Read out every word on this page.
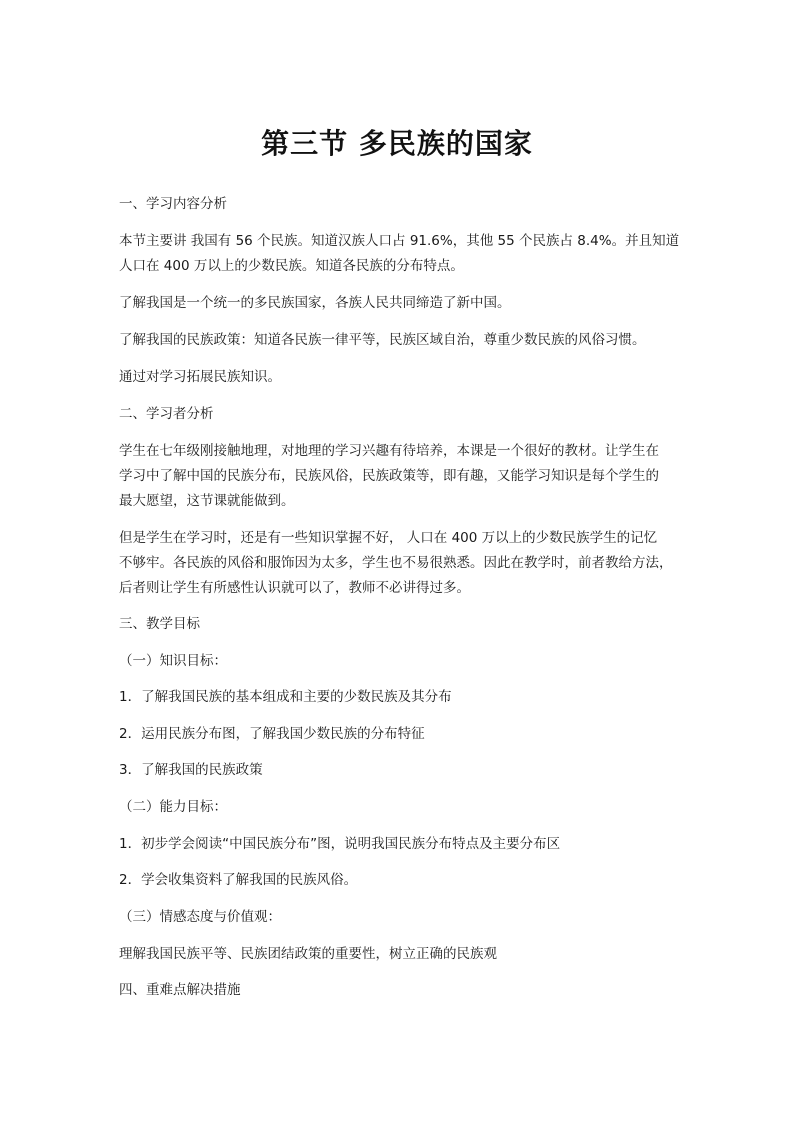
第三节 多民族的国家
一、学习内容分析
本节主要讲 我国有 56 个民族。知道汉族人口占 91.6%，其他 55 个民族占 8.4%。并且知道
人口在 400 万以上的少数民族。知道各民族的分布特点。
了解我国是一个统一的多民族国家，各族人民共同缔造了新中国。
了解我国的民族政策：知道各民族一律平等，民族区域自治，尊重少数民族的风俗习惯。
通过对学习拓展民族知识。
二、学习者分析
学生在七年级刚接触地理，对地理的学习兴趣有待培养，本课是一个很好的教材。让学生在
学习中了解中国的民族分布，民族风俗，民族政策等，即有趣，又能学习知识是每个学生的
最大愿望，这节课就能做到。
但是学生在学习时，还是有一些知识掌握不好， 人口在 400 万以上的少数民族学生的记忆
不够牢。各民族的风俗和服饰因为太多，学生也不易很熟悉。因此在教学时，前者教给方法，
后者则让学生有所感性认识就可以了，教师不必讲得过多。
三、教学目标
（一）知识目标：
1．了解我国民族的基本组成和主要的少数民族及其分布
2．运用民族分布图，了解我国少数民族的分布特征
3．了解我国的民族政策
（二）能力目标：
1．初步学会阅读“中国民族分布”图，说明我国民族分布特点及主要分布区
2．学会收集资料了解我国的民族风俗。
（三）情感态度与价值观：
理解我国民族平等、民族团结政策的重要性，树立正确的民族观
四、重难点解决措施
